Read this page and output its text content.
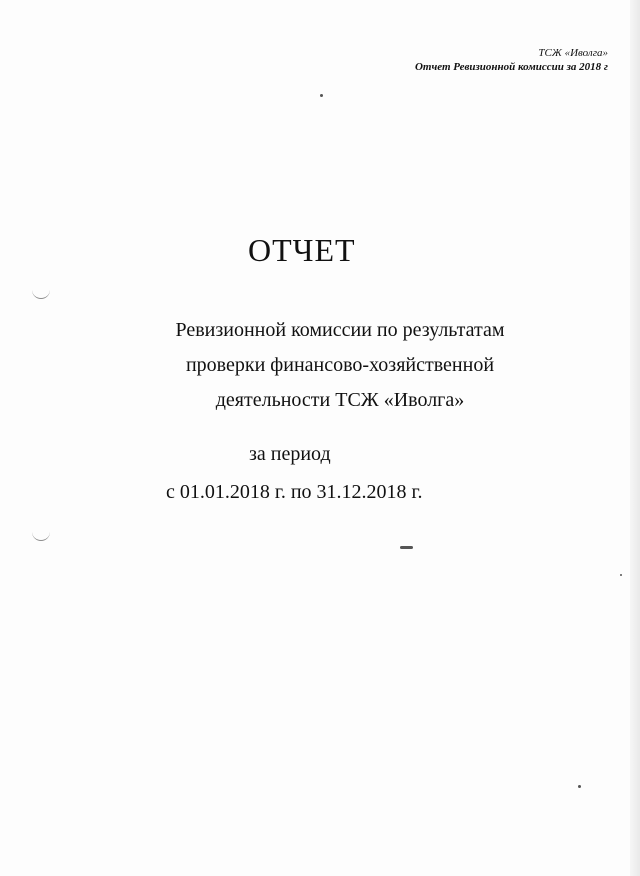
ТСЖ «Иволга»
Отчет Ревизионной комиссии за 2018 г
ОТЧЕТ
Ревизионной комиссии по результатам
проверки финансово-хозяйственной
деятельности ТСЖ «Иволга»
за период
с 01.01.2018 г. по 31.12.2018 г.
